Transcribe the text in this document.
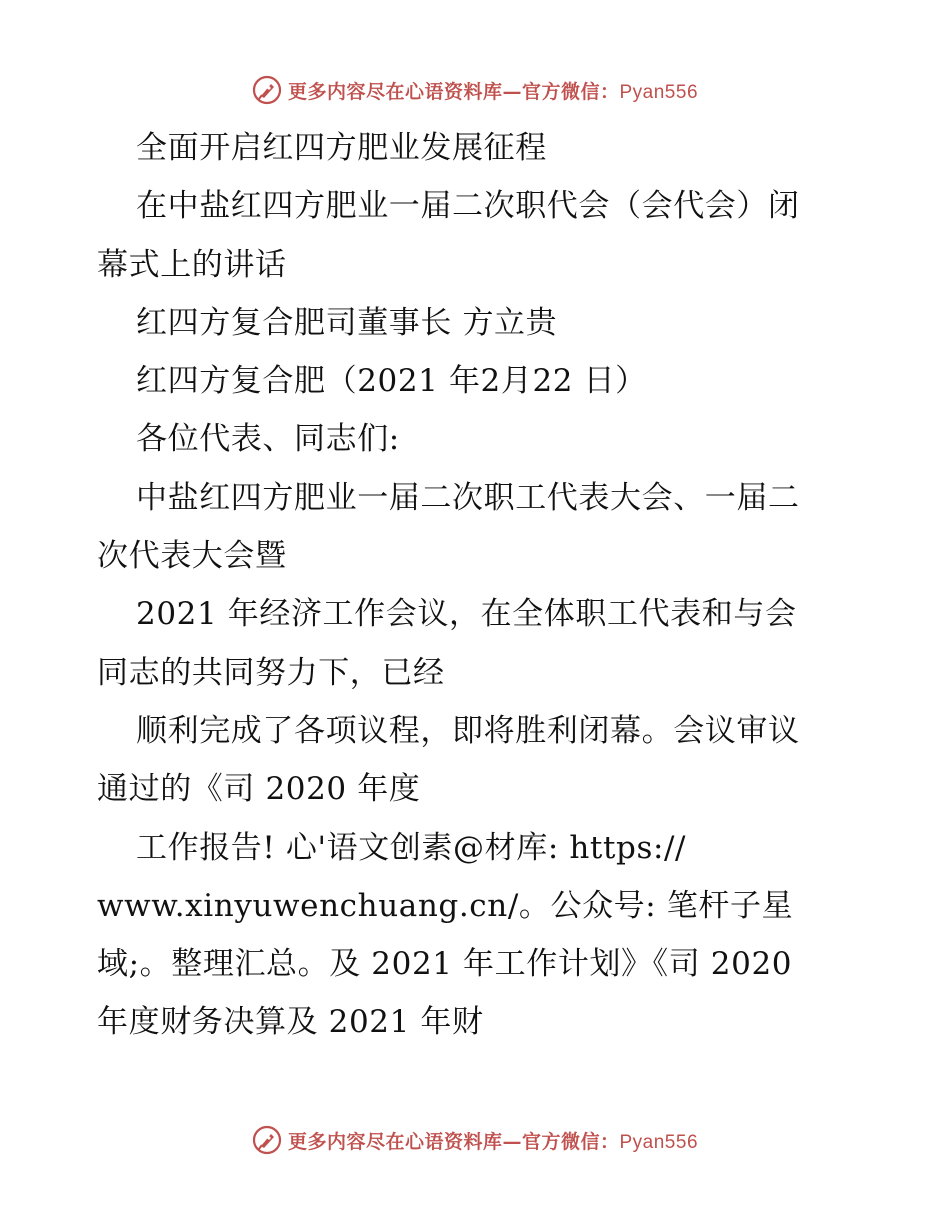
更多内容尽在心语资料库—官方微信：Pyan556
全面开启红四方肥业发展征程
在中盐红四方肥业一届二次职代会（会代会）闭
幕式上的讲话
红四方复合肥司董事长 方立贵
红四方复合肥（2021 年2月22 日）
各位代表、同志们:
中盐红四方肥业一届二次职工代表大会、一届二
次代表大会暨
2021 年经济工作会议，在全体职工代表和与会
同志的共同努力下，已经
顺利完成了各项议程，即将胜利闭幕。会议审议
通过的《司 2020 年度
工作报告! 心'语文创素@材库: https://
www.xinyuwenchuang.cn/。公众号: 笔杆子星
域;。整理汇总。及 2021 年工作计划》《司 2020
年度财务决算及 2021 年财
更多内容尽在心语资料库—官方微信：Pyan556
